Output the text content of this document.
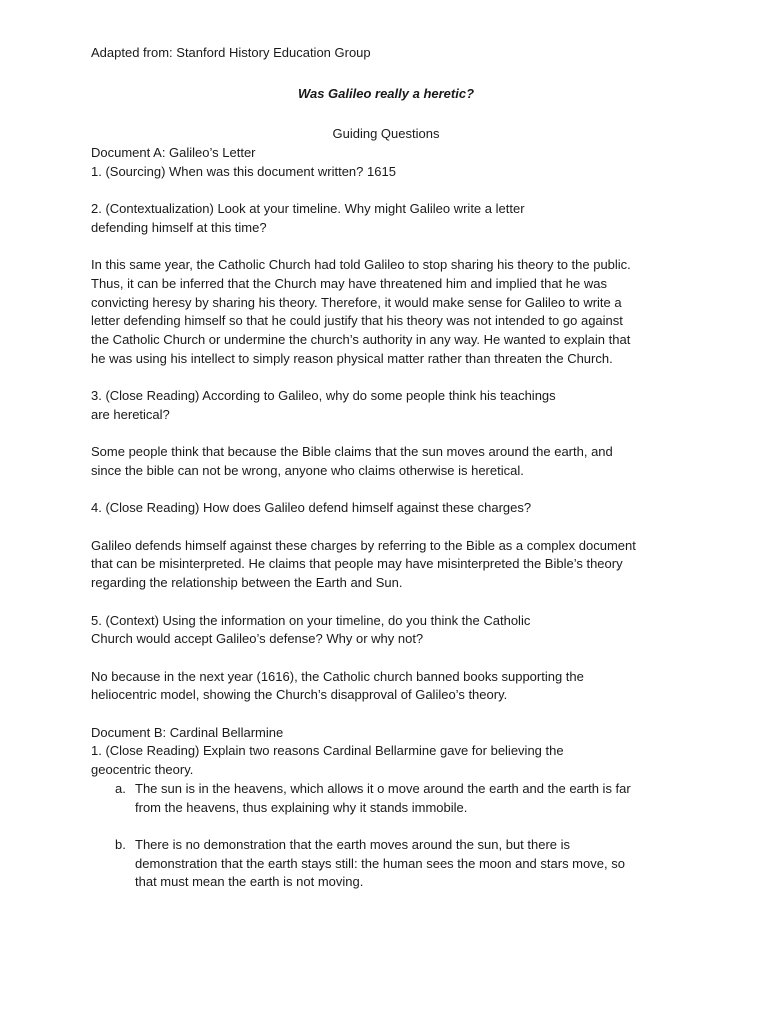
Adapted from: Stanford History Education Group

Was Galileo really a heretic?

Guiding Questions

Document A: Galileo’s Letter

1. (Sourcing) When was this document written? 1615

2. (Contextualization) Look at your timeline. Why might Galileo write a letter

defending himself at this time?

In this same year, the Catholic Church had told Galileo to stop sharing his theory to the public.

Thus, it can be inferred that the Church may have threatened him and implied that he was

convicting heresy by sharing his theory. Therefore, it would make sense for Galileo to write a

letter defending himself so that he could justify that his theory was not intended to go against

the Catholic Church or undermine the church’s authority in any way. He wanted to explain that

he was using his intellect to simply reason physical matter rather than threaten the Church.

3. (Close Reading) According to Galileo, why do some people think his teachings

are heretical?

Some people think that because the Bible claims that the sun moves around the earth, and

since the bible can not be wrong, anyone who claims otherwise is heretical.

4. (Close Reading) How does Galileo defend himself against these charges?

Galileo defends himself against these charges by referring to the Bible as a complex document

that can be misinterpreted. He claims that people may have misinterpreted the Bible’s theory

regarding the relationship between the Earth and Sun.

5. (Context) Using the information on your timeline, do you think the Catholic

Church would accept Galileo’s defense? Why or why not?

No because in the next year (1616), the Catholic church banned books supporting the

heliocentric model, showing the Church’s disapproval of Galileo’s theory.

Document B: Cardinal Bellarmine

1. (Close Reading) Explain two reasons Cardinal Bellarmine gave for believing the

geocentric theory.

a. The sun is in the heavens, which allows it o move around the earth and the earth is far
from the heavens, thus explaining why it stands immobile.
b. There is no demonstration that the earth moves around the sun, but there is
demonstration that the earth stays still: the human sees the moon and stars move, so
that must mean the earth is not moving.
